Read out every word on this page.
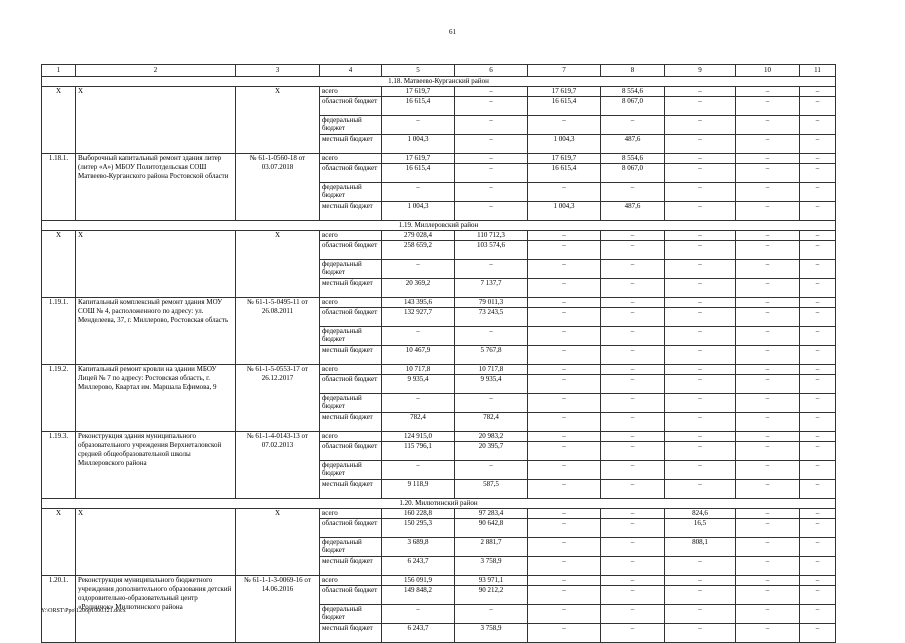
61
1	2	3	4	5	6	7	8	9	10	11
1.18. Матвеево-Курганский район										
Х	Х	Х	всего	17 619,7	–	17 619,7	8 554,6	–	–	–
			областной бюджет	16 615,4	–	16 615,4	8 067,0	–	–	–
			федеральный бюджет	–	–	–	–	–	–	–
			местный бюджет	1 004,3	–	1 004,3	487,6	–	–	–
1.18.1.	Выборочный капитальный ремонт здания литер (литер «А») МБОУ Политотдельская СОШ Матвеево-Курганского района Ростовской области	№ 61-1-0560-18 от 03.07.2018	всего	17 619,7	–	17 619,7	8 554,6	–	–	–
			областной бюджет	16 615,4	–	16 615,4	8 067,0	–	–	–
			федеральный бюджет	–	–	–	–	–	–	–
			местный бюджет	1 004,3	–	1 004,3	487,6	–	–	–
1.19. Миллеровский район										
Х	Х	Х	всего	279 028,4	110 712,3	–	–	–	–	–
			областной бюджет	258 659,2	103 574,6	–	–	–	–	–
			федеральный бюджет	–	–	–	–	–	–	–
			местный бюджет	20 369,2	7 137,7	–	–	–	–	–
1.19.1.	Капитальный комплексный ремонт здания МОУ СОШ № 4, расположенного по адресу: ул. Менделеева, 37, г. Миллерово, Ростовская область	№ 61-1-5-0495-11 от 26.08.2011	всего	143 395,6	79 011,3	–	–	–	–	–
			областной бюджет	132 927,7	73 243,5	–	–	–	–	–
			федеральный бюджет	–	–	–	–	–	–	–
			местный бюджет	10 467,9	5 767,8	–	–	–	–	–
1.19.2.	Капитальный ремонт кровли на здании МБОУ Лицей № 7 по адресу: Ростовская область, г. Миллерово, Квартал им. Маршала Ефимова, 9	№ 61-1-5-0553-17 от 26.12.2017	всего	10 717,8	10 717,8	–	–	–	–	–
			областной бюджет	9 935,4	9 935,4	–	–	–	–	–
			федеральный бюджет	–	–	–	–	–	–	–
			местный бюджет	782,4	782,4	–	–	–	–	–
1.19.3.	Реконструкция здания муниципального образовательного учреждения Верхнеталовской средней общеобразовательной школы Миллеровского района	№ 61-1-4-0143-13 от 07.02.2013	всего	124 915,0	20 983,2	–	–	–	–	–
			областной бюджет	115 796,1	20 395,7	–	–	–	–	–
			федеральный бюджет	–	–	–	–	–	–	–
			местный бюджет	9 118,9	587,5	–	–	–	–	–
1.20. Милютинский район										
Х	Х	Х	всего	160 228,8	97 283,4	–	–	824,6	–	–
			областной бюджет	150 295,3	90 642,8	–	–	16,5	–	–
			федеральный бюджет	3 689,8	2 881,7	–	–	808,1	–	–
			местный бюджет	6 243,7	3 758,9	–	–	–	–	–
1.20.1.	Реконструкция муниципального бюджетного учреждения дополнительного образования детский оздоровительно-образовательный центр «Родничок» Милютинского района	№ 61-1-1-3-0069-16 от 14.06.2016	всего	156 091,9	93 971,1	–	–	–	–	–
			областной бюджет	149 848,2	90 212,2	–	–	–	–	–
			федеральный бюджет	–	–	–	–	–	–	–
			местный бюджет	6 243,7	3 758,9	–	–	–	–	–
Y:\ORST\Ppo\1206p1000.f21.docx
